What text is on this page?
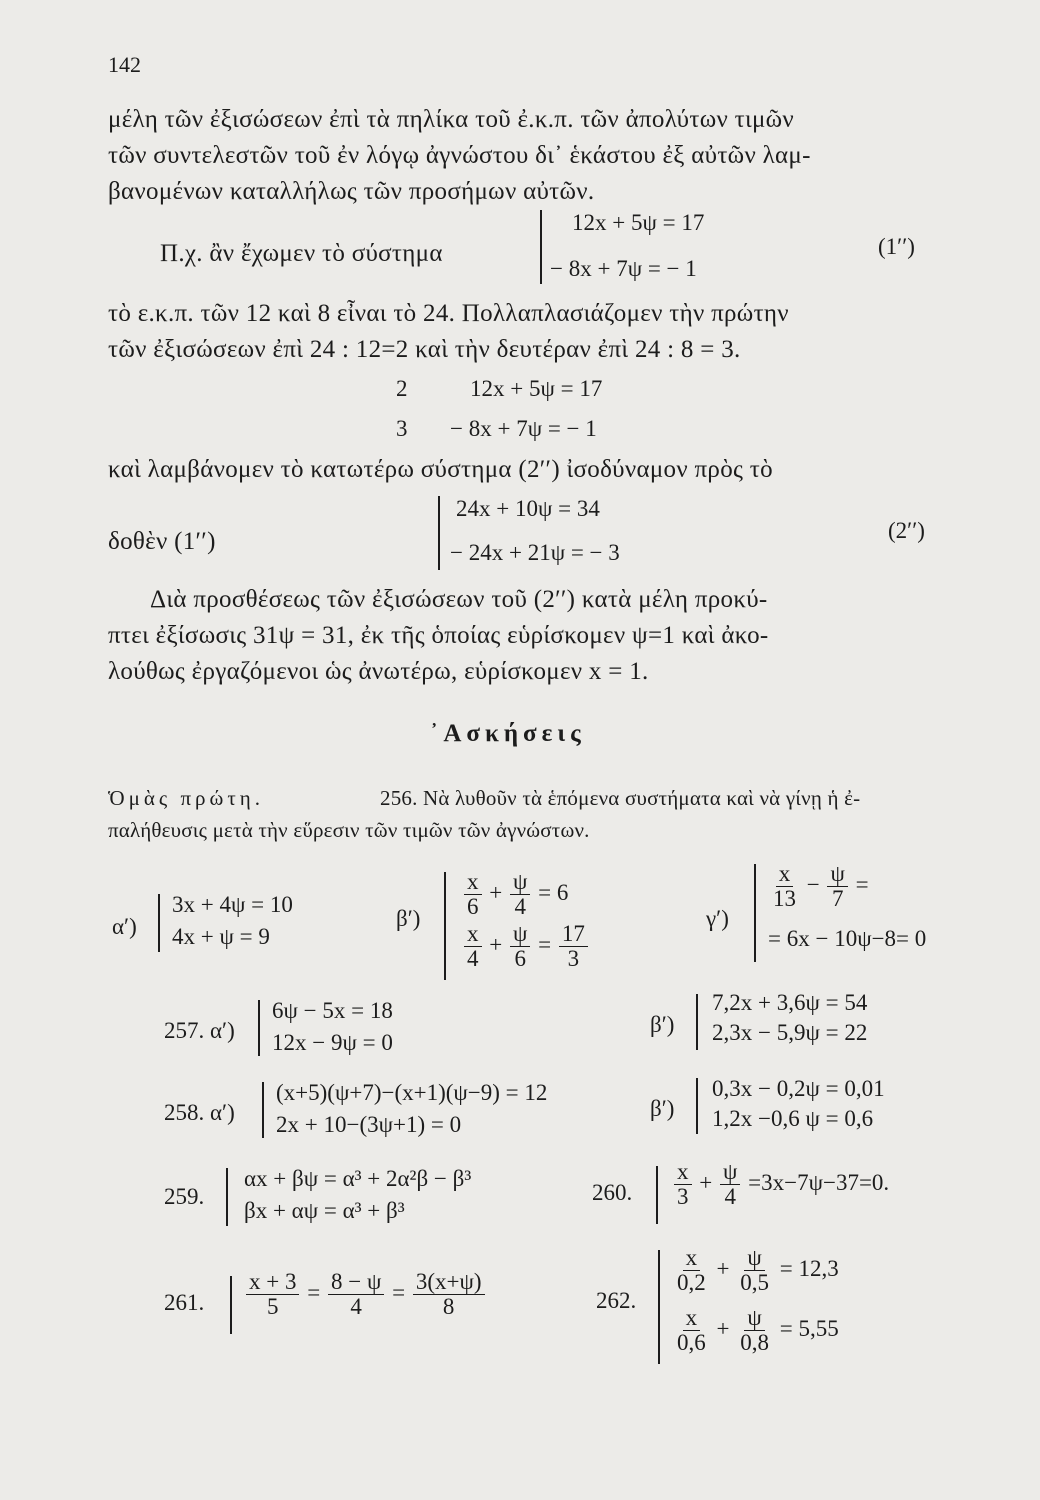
142
μέλη τῶν ἐξισώσεων ἐπὶ τὰ πηλίκα τοῦ ἐ.κ.π. τῶν ἀπολύτων τιμῶν
τῶν συντελεστῶν τοῦ ἐν λόγῳ ἀγνώστου δι᾽ ἑκάστου ἐξ αὐτῶν λαμ-
βανομένων καταλλήλως τῶν προσήμων αὐτῶν.
Π.χ. ἂν ἔχωμεν τὸ σύστημα
12x + 5ψ = 17
− 8x + 7ψ = − 1
(1′′)
τὸ ε.κ.π. τῶν 12 καὶ 8 εἶναι τὸ 24. Πολλαπλασιάζομεν τὴν πρώτην
τῶν ἐξισώσεων ἐπὶ 24 : 12=2 καὶ τὴν δευτέραν ἐπὶ 24 : 8 = 3.
2	12x + 5ψ = 17
3 − 8x + 7ψ = − 1
καὶ λαμβάνομεν τὸ κατωτέρω σύστημα (2′′) ἰσοδύναμον πρὸς τὸ
δοθὲν (1′′)
24x + 10ψ = 34
− 24x + 21ψ = − 3
(2′′)
Διὰ προσθέσεως τῶν ἐξισώσεων τοῦ (2′′) κατὰ μέλη προκύ-
πτει ἐξίσωσις 31ψ = 31, ἐκ τῆς ὁποίας εὑρίσκομεν ψ=1 καὶ ἀκο-
λούθως ἐργαζόμενοι ὡς ἀνωτέρω, εὑρίσκομεν x = 1.
᾽Ασκήσεις
Ὁμὰς πρώτη.	256. Νὰ λυθοῦν τὰ ἑπόμενα συστήματα καὶ νὰ γίνῃ ἡ ἐ-
παλήθευσις μετὰ τὴν εὕρεσιν τῶν τιμῶν τῶν ἀγνώστων.
α′)
3x + 4ψ = 10
4x + ψ = 9
$\beta') \frac{x}{6} + \frac{\psi}{4} = 6$
$\frac{x}{4} + \frac{\psi}{6} = \frac{17}{3}$
γ′)
$\frac{x}{13} - \frac{\psi}{7}$ =
= 6x − 10ψ−8= 0
257. α′)
6ψ − 5x = 18
12x − 9ψ = 0
β′)
7,2x + 3,6ψ = 54
2,3x − 5,9ψ = 22
258. α′)
(x+5)(ψ+7)−(x+1)(ψ−9) = 12
2x + 10−(3ψ+1) = 0
β′)
0,3x − 0,2ψ = 0,01
1,2x −0,6 ψ = 0,6
259.
αx + βψ = α³ + 2α²β − β³
βx + αψ = α³ + β³
260. $\frac{x}{3} + \frac{\psi}{4} =3x-7\psi-37=0$.
261. $\frac{x + 3}{5} = \frac{8 - \psi}{4} = \frac{3(x+\psi)}{8}$	262.
$\frac{x}{0,2} + \frac{\psi}{0,5} = 12,3$
$\frac{x}{0,6} + \frac{\psi}{0,8} = 5,55$
